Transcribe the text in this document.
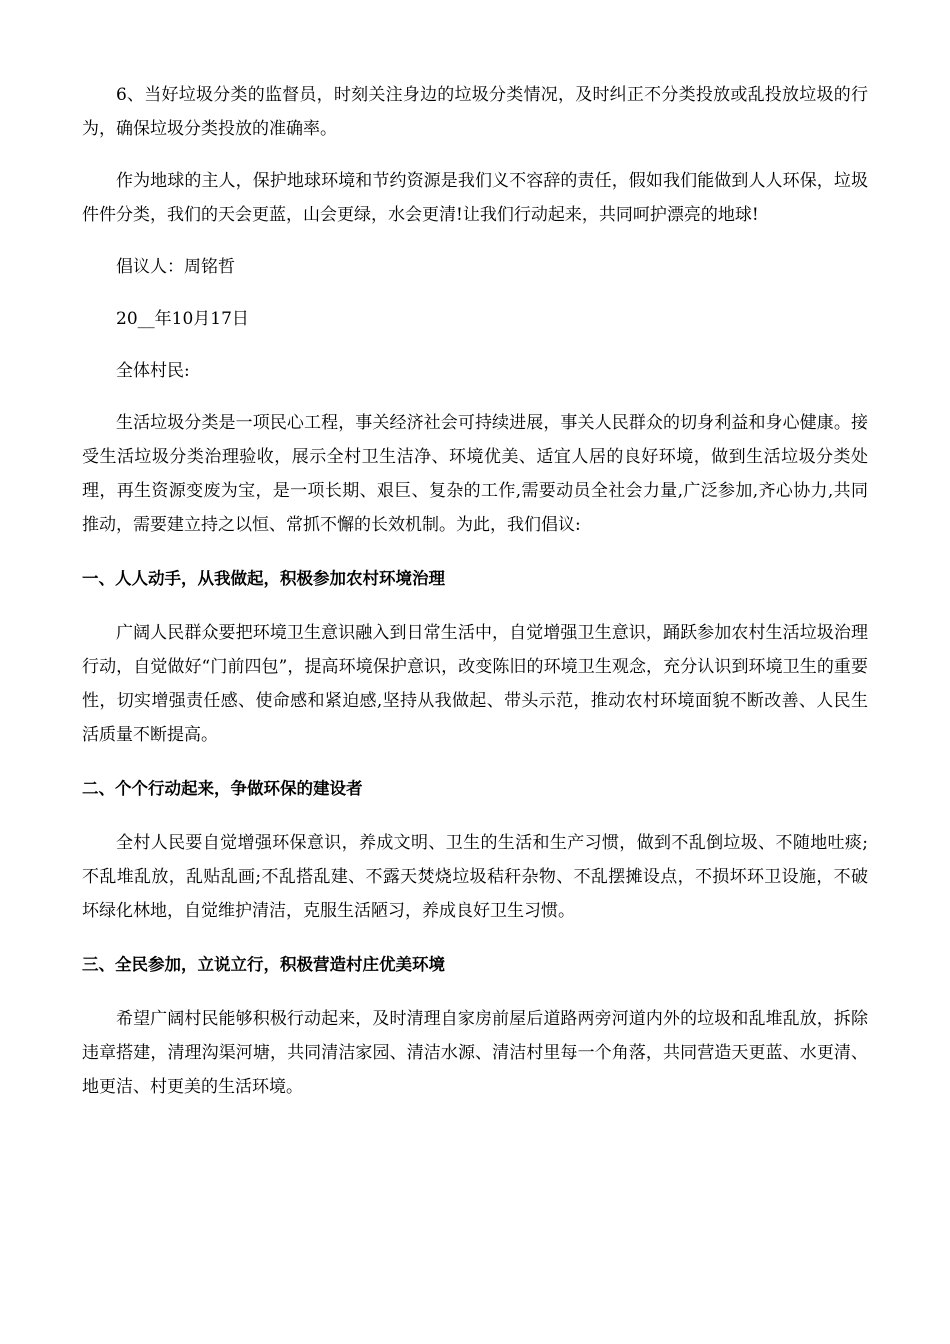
6、当好垃圾分类的监督员，时刻关注身边的垃圾分类情况，及时纠正不分类投放或乱投放垃圾的行为，确保垃圾分类投放的准确率。

作为地球的主人，保护地球环境和节约资源是我们义不容辞的责任，假如我们能做到人人环保，垃圾件件分类，我们的天会更蓝，山会更绿，水会更清!让我们行动起来，共同呵护漂亮的地球!

倡议人：周铭哲

20__年10月17日

全体村民:

生活垃圾分类是一项民心工程，事关经济社会可持续进展，事关人民群众的切身利益和身心健康。接受生活垃圾分类治理验收，展示全村卫生洁净、环境优美、适宜人居的良好环境，做到生活垃圾分类处理，再生资源变废为宝，是一项长期、艰巨、复杂的工作,需要动员全社会力量,广泛参加,齐心协力,共同推动，需要建立持之以恒、常抓不懈的长效机制。为此，我们倡议:

一、人人动手，从我做起，积极参加农村环境治理

广阔人民群众要把环境卫生意识融入到日常生活中，自觉增强卫生意识，踊跃参加农村生活垃圾治理行动，自觉做好“门前四包”，提高环境保护意识，改变陈旧的环境卫生观念，充分认识到环境卫生的重要性，切实增强责任感、使命感和紧迫感,坚持从我做起、带头示范，推动农村环境面貌不断改善、人民生活质量不断提高。

二、个个行动起来，争做环保的建设者

全村人民要自觉增强环保意识，养成文明、卫生的生活和生产习惯，做到不乱倒垃圾、不随地吐痰;不乱堆乱放，乱贴乱画;不乱搭乱建、不露天焚烧垃圾秸秆杂物、不乱摆摊设点，不损坏环卫设施，不破坏绿化林地，自觉维护清洁，克服生活陋习，养成良好卫生习惯。

三、全民参加，立说立行，积极营造村庄优美环境

希望广阔村民能够积极行动起来，及时清理自家房前屋后道路两旁河道内外的垃圾和乱堆乱放，拆除违章搭建，清理沟渠河塘，共同清洁家园、清洁水源、清洁村里每一个角落，共同营造天更蓝、水更清、地更洁、村更美的生活环境。
